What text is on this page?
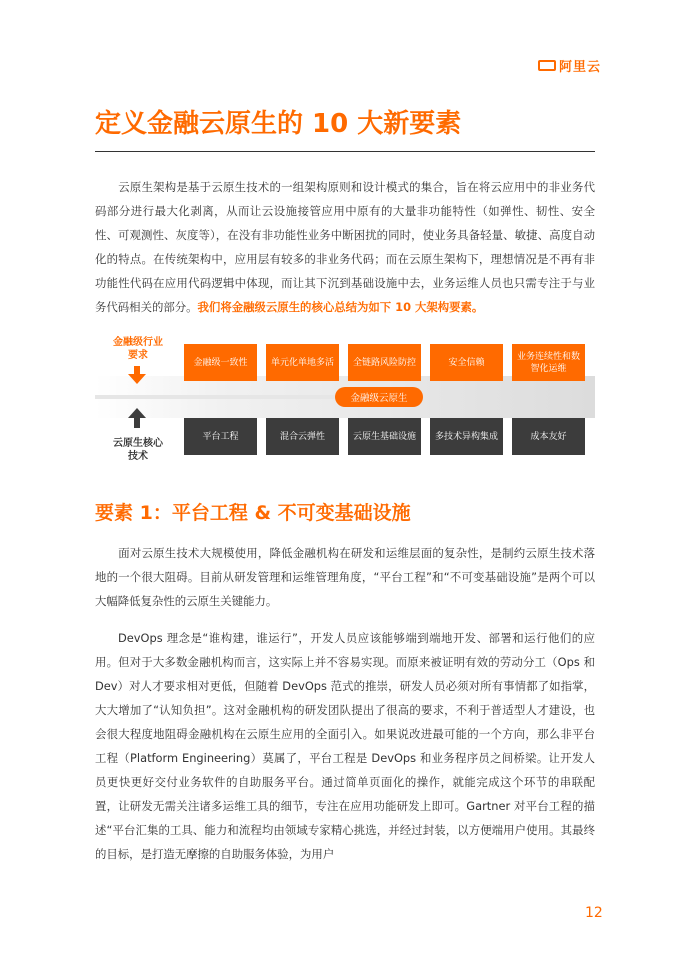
阿里云
定义金融云原生的 10 大新要素

云原生架构是基于云原生技术的一组架构原则和设计模式的集合，旨在将云应用中的非业务代码部分进行最大化剥离，从而让云设施接管应用中原有的大量非功能特性（如弹性、韧性、安全性、可观测性、灰度等），在没有非功能性业务中断困扰的同时，使业务具备轻量、敏捷、高度自动化的特点。在传统架构中，应用层有较多的非业务代码；而在云原生架构下，理想情况是不再有非功能性代码在应用代码逻辑中体现，而让其下沉到基础设施中去，业务运维人员也只需专注于与业务代码相关的部分。我们将金融级云原生的核心总结为如下 10 大架构要素。

金融级云原生
金融级行业要求
云原生核心技术
金融级一致性	单元化单地多活	全链路风险防控	安全信赖
业务连续性和数智化运维
平台工程	混合云弹性	云原生基础设施	多技术异构集成	成本友好
要素 1：平台工程 & 不可变基础设施

面对云原生技术大规模使用，降低金融机构在研发和运维层面的复杂性，是制约云原生技术落地的一个很大阻碍。目前从研发管理和运维管理角度，“平台工程”和“不可变基础设施”是两个可以大幅降低复杂性的云原生关键能力。

DevOps 理念是“谁构建，谁运行”，开发人员应该能够端到端地开发、部署和运行他们的应用。但对于大多数金融机构而言，这实际上并不容易实现。而原来被证明有效的劳动分工（Ops 和 Dev）对人才要求相对更低，但随着 DevOps 范式的推崇，研发人员必须对所有事情都了如指掌，大大增加了“认知负担”。这对金融机构的研发团队提出了很高的要求，不利于普适型人才建设，也会很大程度地阻碍金融机构在云原生应用的全面引入。如果说改进最可能的一个方向，那么非平台工程（Platform Engineering）莫属了，平台工程是 DevOps 和业务程序员之间桥梁。让开发人员更快更好交付业务软件的自助服务平台。通过简单页面化的操作，就能完成这个环节的串联配置，让研发无需关注诸多运维工具的细节，专注在应用功能研发上即可。Gartner 对平台工程的描述“平台汇集的工具、能力和流程均由领域专家精心挑选，并经过封装，以方便端用户使用。其最终的目标，是打造无摩擦的自助服务体验，为用户

12
